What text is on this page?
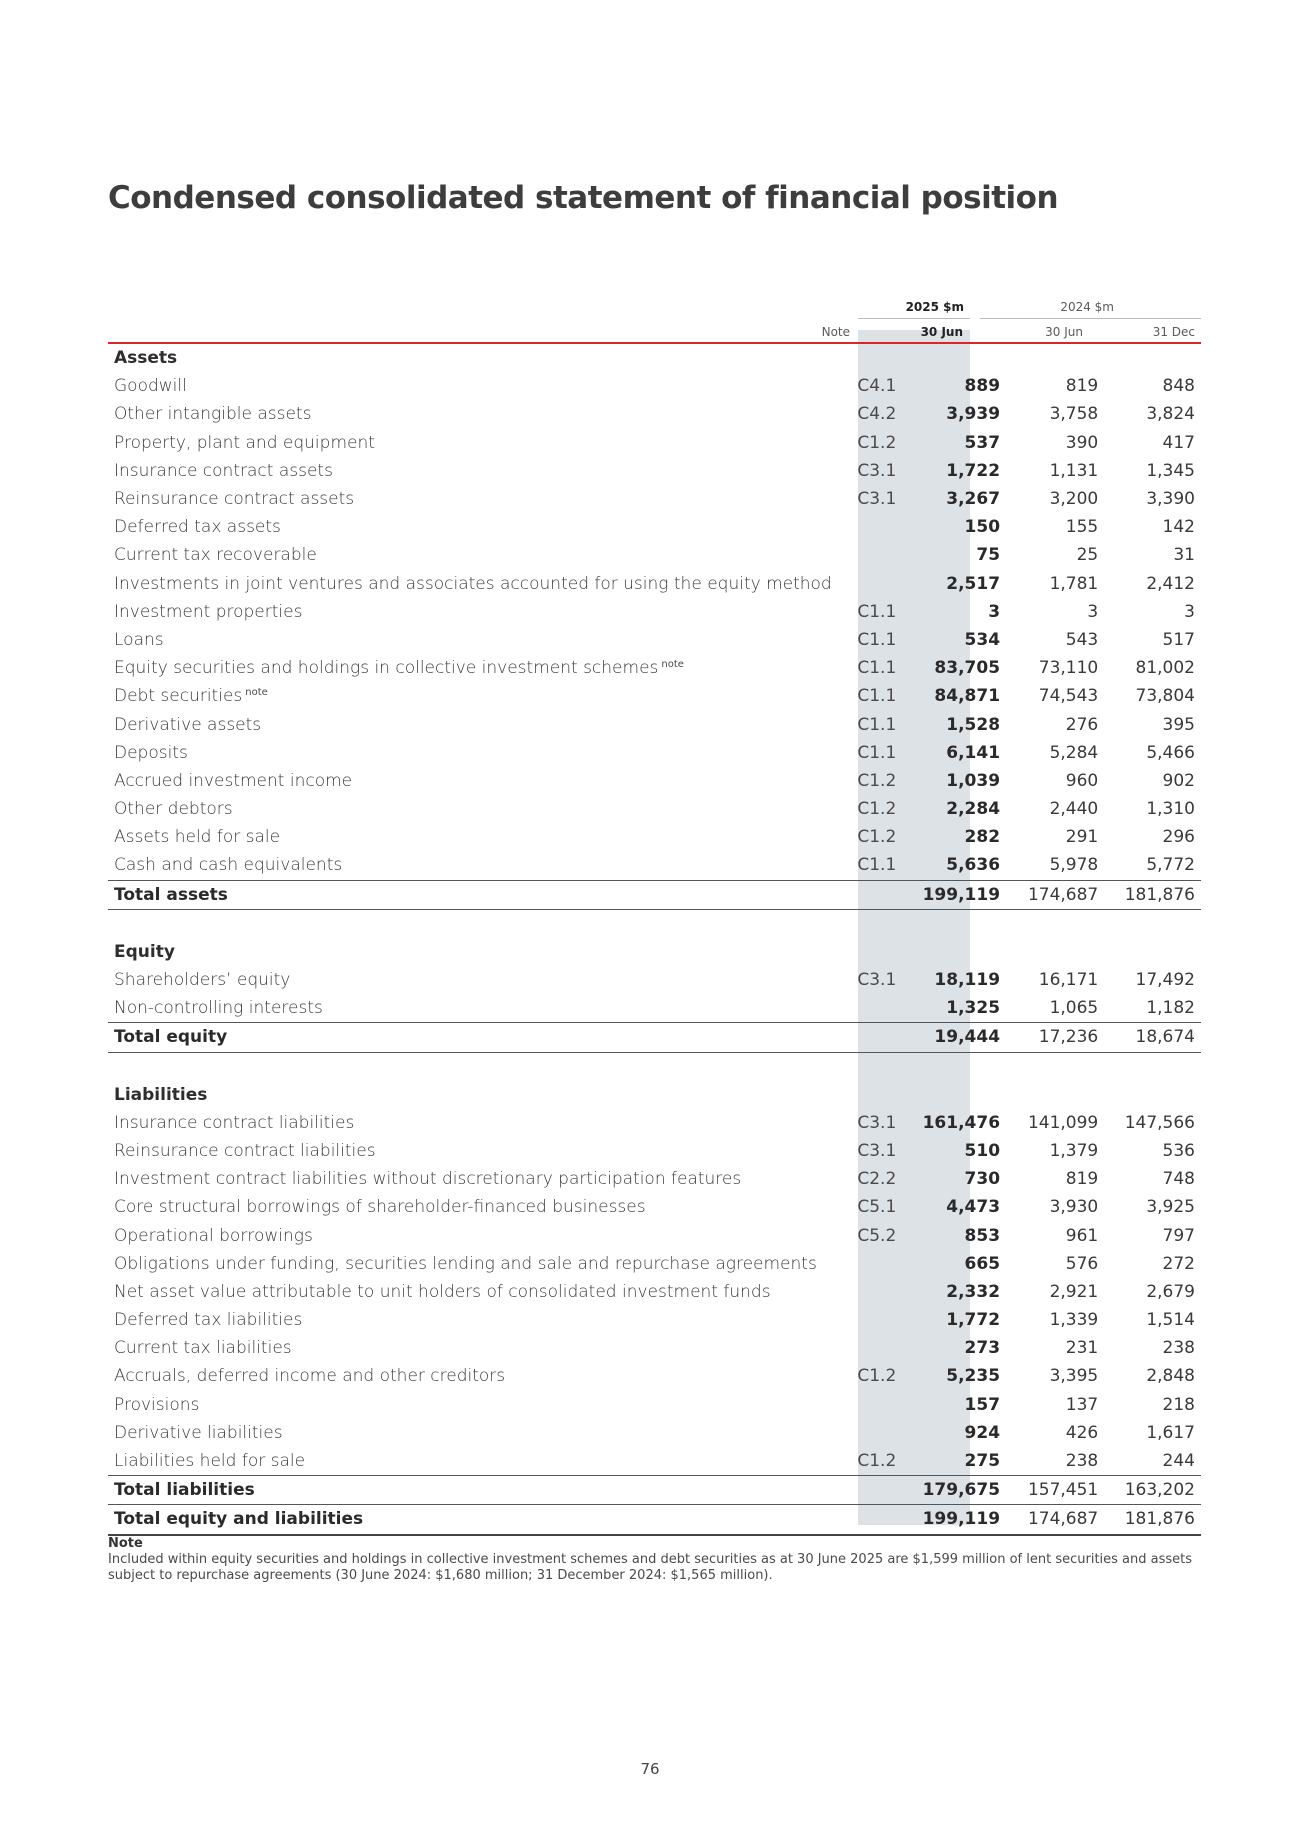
Condensed consolidated statement of financial position
2025 $m	2024 $m
Note	30 Jun	30 Jun	31 Dec
Assets					
Goodwill	C4.1		889	819	848
Other intangible assets	C4.2		3,939	3,758	3,824
Property, plant and equipment	C1.2		537	390	417
Insurance contract assets	C3.1		1,722	1,131	1,345
Reinsurance contract assets	C3.1		3,267	3,200	3,390
Deferred tax assets			150	155	142
Current tax recoverable			75	25	31
Investments in joint ventures and associates accounted for using the equity method			2,517	1,781	2,412
Investment properties	C1.1		3	3	3
Loans	C1.1		534	543	517
Equity securities and holdings in collective investment schemes $^{note}$	C1.1		83,705	73,110	81,002
Debt securities $^{note}$	C1.1		84,871	74,543	73,804
Derivative assets	C1.1		1,528	276	395
Deposits	C1.1		6,141	5,284	5,466
Accrued investment income	C1.2		1,039	960	902
Other debtors	C1.2		2,284	2,440	1,310
Assets held for sale	C1.2		282	291	296
Cash and cash equivalents	C1.1		5,636	5,978	5,772
Total assets			199,119	174,687	181,876

Equity					
Shareholders’ equity	C3.1		18,119	16,171	17,492
Non-controlling interests			1,325	1,065	1,182
Total equity			19,444	17,236	18,674

Liabilities					
Insurance contract liabilities	C3.1		161,476	141,099	147,566
Reinsurance contract liabilities	C3.1		510	1,379	536
Investment contract liabilities without discretionary participation features	C2.2		730	819	748
Core structural borrowings of shareholder-financed businesses	C5.1		4,473	3,930	3,925
Operational borrowings	C5.2		853	961	797
Obligations under funding, securities lending and sale and repurchase agreements			665	576	272
Net asset value attributable to unit holders of consolidated investment funds			2,332	2,921	2,679
Deferred tax liabilities			1,772	1,339	1,514
Current tax liabilities			273	231	238
Accruals, deferred income and other creditors	C1.2		5,235	3,395	2,848
Provisions			157	137	218
Derivative liabilities			924	426	1,617
Liabilities held for sale	C1.2		275	238	244
Total liabilities			179,675	157,451	163,202
Total equity and liabilities			199,119	174,687	181,876
Note
Included within equity securities and holdings in collective investment schemes and debt securities as at 30 June 2025 are $1,599 million of lent securities and assets subject to repurchase agreements (30 June 2024: $1,680 million; 31 December 2024: $1,565 million).
76
